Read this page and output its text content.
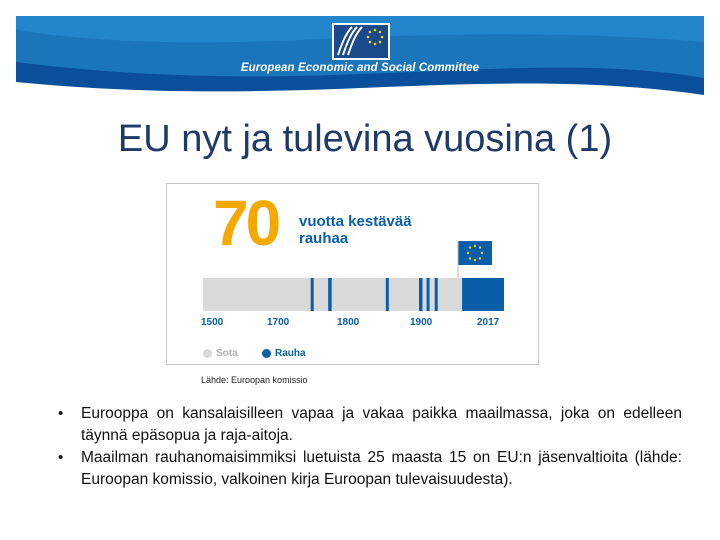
European Economic and Social Committee
EU nyt ja tulevina vuosina (1)
70 vuotta kestävää rauhaa
1500	1700	1800	1900	2017
Sota	Rauha
Lähde: Euroopan komissio
• Eurooppa on kansalaisilleen vapaa ja vakaa paikka maailmassa, joka on edelleen täynnä epäsopua ja raja-aitoja.
• Maailman rauhanomaisimmiksi luetuista 25 maasta 15 on EU:n jäsenvaltioita (lähde: Euroopan komissio, valkoinen kirja Euroopan tulevaisuudesta).
